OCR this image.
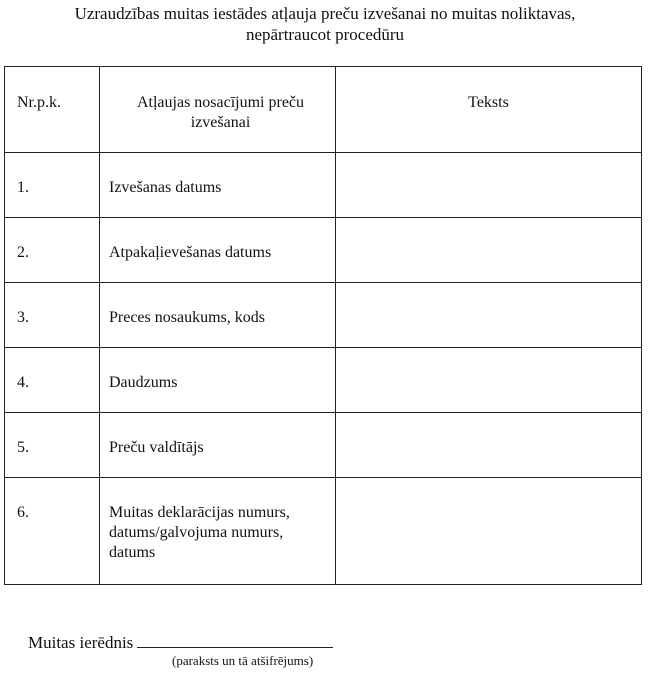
Uzraudzības muitas iestādes atļauja preču izvešanai no muitas noliktavas,
nepārtraucot procedūru
Nr.p.k.	Atļaujas nosacījumi preču izvešanai	Teksts

1.	Izvešanas datums	

2.	Atpakaļievešanas datums	

3.	Preces nosaukums, kods	

4.	Daudzums	

5.	Preču valdītājs	

6.	Muitas deklarācijas numurs, datums/galvojuma numurs, datums	

Muitas ierēdnis
(paraksts un tā atšifrējums)
